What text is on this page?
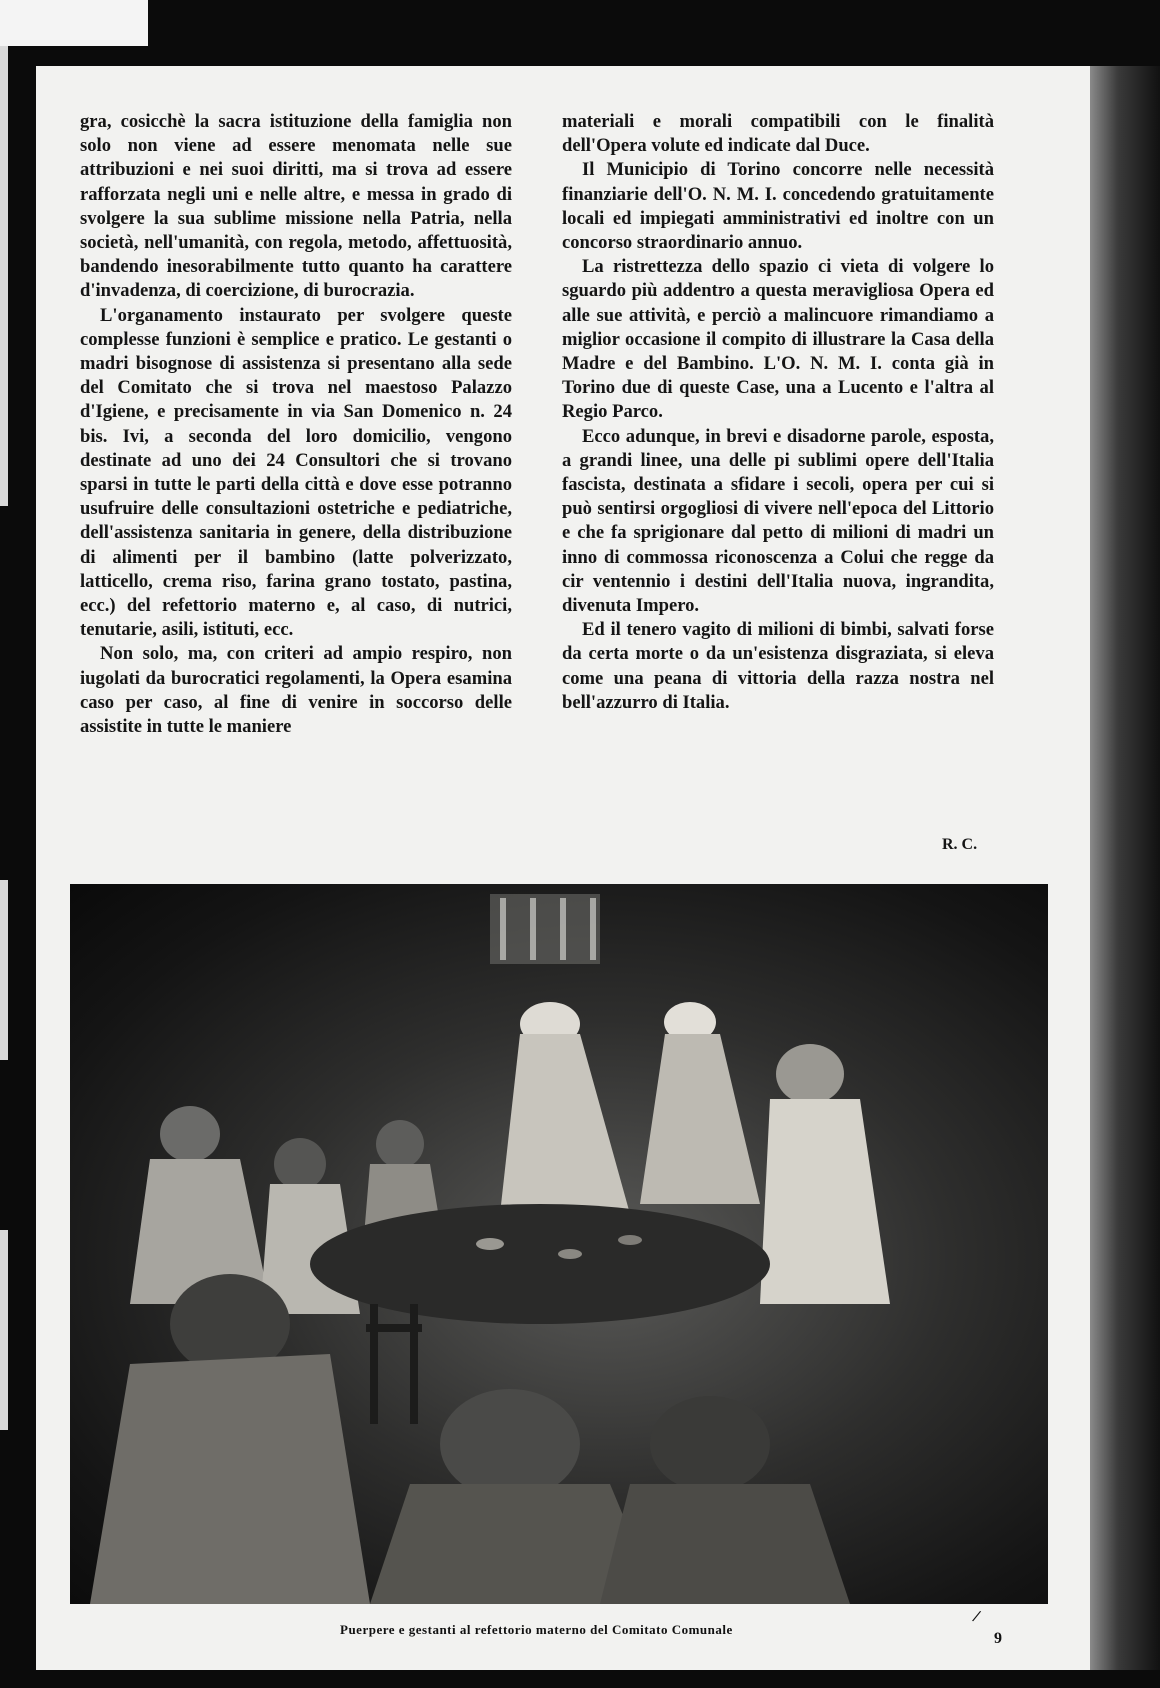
gra, cosicchè la sacra istituzione della famiglia non solo non viene ad essere menomata nelle sue attribuzioni e nei suoi diritti, ma si trova ad essere rafforzata negli uni e nelle altre, e messa in grado di svolgere la sua sublime missione nella Patria, nella società, nell'umanità, con regola, metodo, affettuosità, bandendo inesorabilmente tutto quanto ha carattere d'invadenza, di coercizione, di burocrazia.

L'organamento instaurato per svolgere queste complesse funzioni è semplice e pratico. Le gestanti o madri bisognose di assistenza si presentano alla sede del Comitato che si trova nel maestoso Palazzo d'Igiene, e precisamente in via San Domenico n. 24 bis. Ivi, a seconda del loro domicilio, vengono destinate ad uno dei 24 Consultori che si trovano sparsi in tutte le parti della città e dove esse potranno usufruire delle consultazioni ostetriche e pediatriche, dell'assistenza sanitaria in genere, della distribuzione di alimenti per il bambino (latte polverizzato, latticello, crema riso, farina grano tostato, pastina, ecc.) del refettorio materno e, al caso, di nutrici, tenutarie, asili, istituti, ecc.

Non solo, ma, con criteri ad ampio respiro, non iugolati da burocratici regolamenti, la Opera esamina caso per caso, al fine di venire in soccorso delle assistite in tutte le maniere

materiali e morali compatibili con le finalità dell'Opera volute ed indicate dal Duce.

Il Municipio di Torino concorre nelle necessità finanziarie dell'O. N. M. I. concedendo gratuitamente locali ed impiegati amministrativi ed inoltre con un concorso straordinario annuo.

La ristrettezza dello spazio ci vieta di volgere lo sguardo più addentro a questa meravigliosa Opera ed alle sue attività, e perciò a malincuore rimandiamo a miglior occasione il compito di illustrare la Casa della Madre e del Bambino. L'O. N. M. I. conta già in Torino due di queste Case, una a Lucento e l'altra al Regio Parco.

Ecco adunque, in brevi e disadorne parole, esposta, a grandi linee, una delle pi sublimi opere dell'Italia fascista, destinata a sfidare i secoli, opera per cui si può sentirsi orgogliosi di vivere nell'epoca del Littorio e che fa sprigionare dal petto di milioni di madri un inno di commossa riconoscenza a Colui che regge da cir ventennio i destini dell'Italia nuova, ingrandita, divenuta Impero.

Ed il tenero vagito di milioni di bimbi, salvati forse da certa morte o da un'esistenza disgraziata, si eleva come una peana di vittoria della razza nostra nel bell'azzurro di Italia.

R. C.
/
Puerpere e gestanti al refettorio materno del Comitato Comunale
9
